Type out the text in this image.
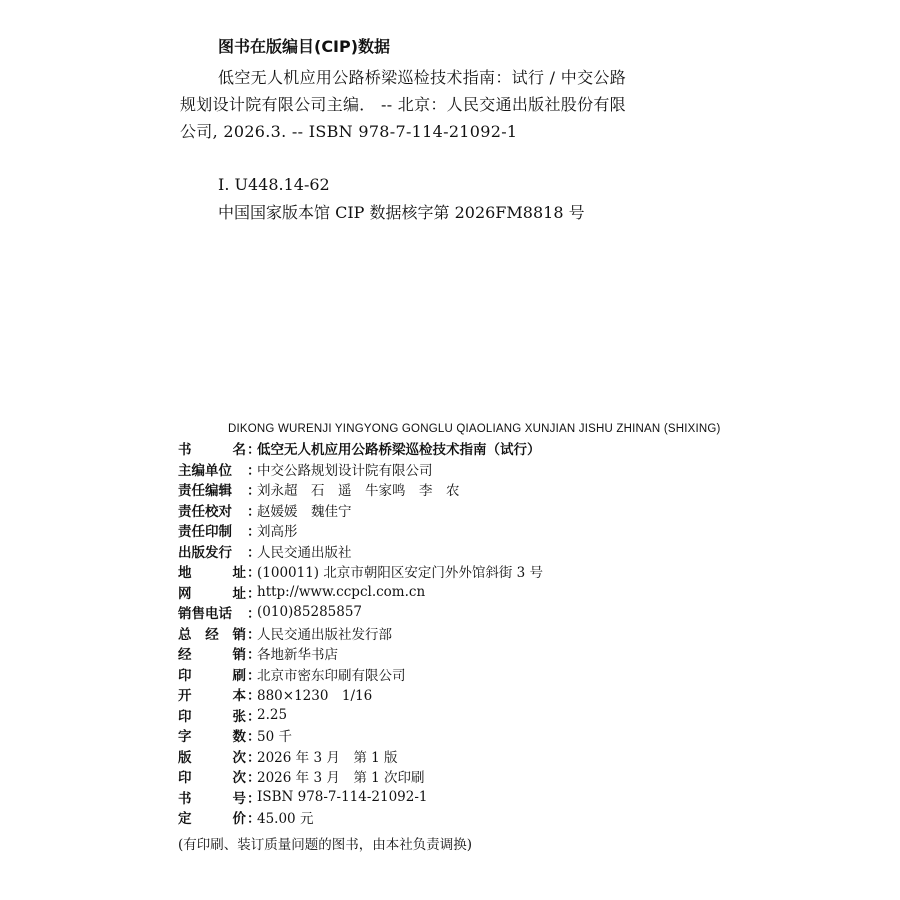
图书在版编目(CIP)数据
低空无人机应用公路桥梁巡检技术指南：试行 / 中交公路规划设计院有限公司主编． -- 北京：人民交通出版社股份有限公司, 2026.3. -- ISBN 978-7-114-21092-1
Ⅰ. U448.14-62
中国国家版本馆 CIP 数据核字第 2026FM8818 号
DIKONG WURENJI YINGYONG GONGLU QIAOLIANG XUNJIAN JISHU ZHINAN (SHIXING)
书	名 ：
低空无人机应用公路桥梁巡检技术指南（试行）
主编单位	：
中交公路规划设计院有限公司
责任编辑	：
刘永超　石　遥　牛家鸣　李　农
责任校对	：
赵媛媛　魏佳宁
责任印制	：
刘高彤
出版发行	：
人民交通出版社
地	址 ：
(100011) 北京市朝阳区安定门外外馆斜街 3 号
网	址 ：
http://www.ccpcl.com.cn
销售电话	：
(010)85285857
总 经 销 ：
人民交通出版社发行部
经	销 ：
各地新华书店
印	刷 ：
北京市密东印刷有限公司
开	本 ：
880×1230　1/16
印	张 ：
2.25
字	数 ：
50 千
版	次 ：
2026 年 3 月　第 1 版
印	次 ：
2026 年 3 月　第 1 次印刷
书	号 ：
ISBN 978-7-114-21092-1
定	价 ：
45.00 元
(有印刷、装订质量问题的图书，由本社负责调换)
